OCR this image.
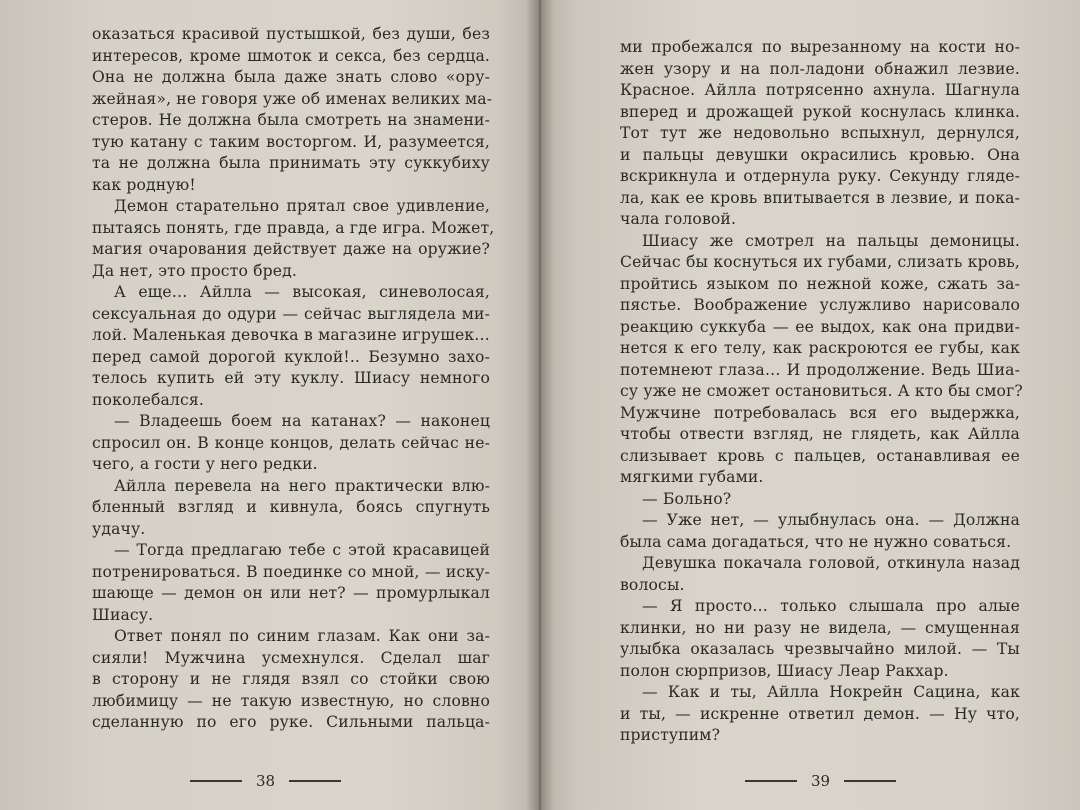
оказаться красивой пустышкой, без души, без
интересов, кроме шмоток и секса, без сердца.
Она не должна была даже знать слово «ору-
жейная», не говоря уже об именах великих ма-
стеров. Не должна была смотреть на знамени-
тую катану с таким восторгом. И, разумеется,
та не должна была принимать эту суккубиху
как родную!
Демон старательно прятал свое удивление,
пытаясь понять, где правда, а где игра. Может,
магия очарования действует даже на оружие?
Да нет, это просто бред.
А еще… Айлла — высокая, синеволосая,
сексуальная до одури — сейчас выглядела ми-
лой. Маленькая девочка в магазине игрушек…
перед самой дорогой куклой!.. Безумно захо-
телось купить ей эту куклу. Шиасу немного
поколебался.
— Владеешь боем на катанах? — наконец
спросил он. В конце концов, делать сейчас не-
чего, а гости у него редки.
Айлла перевела на него практически влю-
бленный взгляд и кивнула, боясь спугнуть
удачу.
— Тогда предлагаю тебе с этой красавицей
потренироваться. В поединке со мной, — иску-
шающе — демон он или нет? — промурлыкал
Шиасу.
Ответ понял по синим глазам. Как они за-
сияли! Мужчина усмехнулся. Сделал шаг
в сторону и не глядя взял со стойки свою
любимицу — не такую известную, но словно
сделанную по его руке. Сильными пальца-
38
ми пробежался по вырезанному на кости но-
жен узору и на пол-ладони обнажил лезвие.
Красное. Айлла потрясенно ахнула. Шагнула
вперед и дрожащей рукой коснулась клинка.
Тот тут же недовольно вспыхнул, дернулся,
и пальцы девушки окрасились кровью. Она
вскрикнула и отдернула руку. Секунду гляде-
ла, как ее кровь впитывается в лезвие, и пока-
чала головой.
Шиасу же смотрел на пальцы демоницы.
Сейчас бы коснуться их губами, слизать кровь,
пройтись языком по нежной коже, сжать за-
пястье. Воображение услужливо нарисовало
реакцию суккуба — ее выдох, как она придви-
нется к его телу, как раскроются ее губы, как
потемнеют глаза… И продолжение. Ведь Шиа-
су уже не сможет остановиться. А кто бы смог?
Мужчине потребовалась вся его выдержка,
чтобы отвести взгляд, не глядеть, как Айлла
слизывает кровь с пальцев, останавливая ее
мягкими губами.
— Больно?
— Уже нет, — улыбнулась она. — Должна
была сама догадаться, что не нужно соваться.
Девушка покачала головой, откинула назад
волосы.
— Я просто… только слышала про алые
клинки, но ни разу не видела, — смущенная
улыбка оказалась чрезвычайно милой. — Ты
полон сюрпризов, Шиасу Леар Ракхар.
— Как и ты, Айлла Нокрейн Сацина, как
и ты, — искренне ответил демон. — Ну что,
приступим?
39
